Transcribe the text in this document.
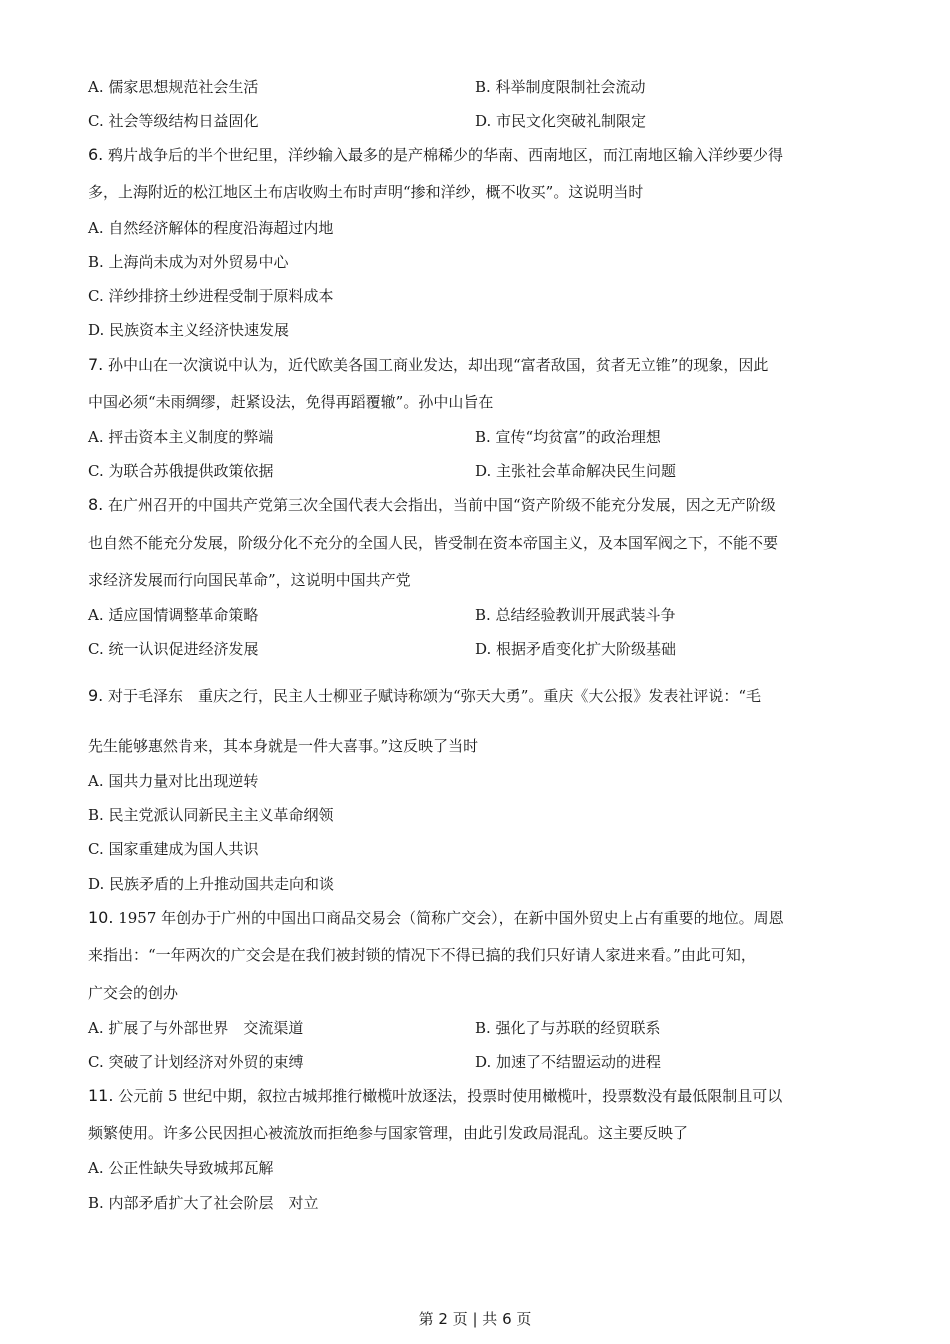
A. 儒家思想规范社会生活	B. 科举制度限制社会流动
C. 社会等级结构日益固化	D. 市民文化突破礼制限定
6. 鸦片战争后的半个世纪里，洋纱输入最多的是产棉稀少的华南、西南地区，而江南地区输入洋纱要少得
多，上海附近的松江地区土布店收购土布时声明“掺和洋纱，概不收买”。这说明当时
A. 自然经济解体的程度沿海超过内地
B. 上海尚未成为对外贸易中心
C. 洋纱排挤土纱进程受制于原料成本
D. 民族资本主义经济快速发展
7. 孙中山在一次演说中认为，近代欧美各国工商业发达，却出现“富者敌国，贫者无立锥”的现象，因此
中国必须“未雨绸缪，赶紧设法，免得再蹈覆辙”。孙中山旨在
A. 抨击资本主义制度的弊端	B. 宣传“均贫富”的政治理想
C. 为联合苏俄提供政策依据	D. 主张社会革命解决民生问题
8. 在广州召开的中国共产党第三次全国代表大会指出，当前中国“资产阶级不能充分发展，因之无产阶级
也自然不能充分发展，阶级分化不充分的全国人民，皆受制在资本帝国主义，及本国军阀之下，不能不要
求经济发展而行向国民革命”，这说明中国共产党
A. 适应国情调整革命策略	B. 总结经验教训开展武装斗争
C. 统一认识促进经济发展	D. 根据矛盾变化扩大阶级基础
9. 对于毛泽东　重庆之行，民主人士柳亚子赋诗称颂为“弥天大勇”。重庆《大公报》发表社评说：“毛
先生能够惠然肯来，其本身就是一件大喜事。”这反映了当时
A. 国共力量对比出现逆转
B. 民主党派认同新民主主义革命纲领
C. 国家重建成为国人共识
D. 民族矛盾的上升推动国共走向和谈
10. 1957 年创办于广州的中国出口商品交易会（简称广交会），在新中国外贸史上占有重要的地位。周恩
来指出：“一年两次的广交会是在我们被封锁的情况下不得已搞的我们只好请人家进来看。”由此可知，
广交会的创办
A. 扩展了与外部世界　交流渠道	B. 强化了与苏联的经贸联系
C. 突破了计划经济对外贸的束缚	D. 加速了不结盟运动的进程
11. 公元前 5 世纪中期，叙拉古城邦推行橄榄叶放逐法，投票时使用橄榄叶，投票数没有最低限制且可以
频繁使用。许多公民因担心被流放而拒绝参与国家管理，由此引发政局混乱。这主要反映了
A. 公正性缺失导致城邦瓦解
B. 内部矛盾扩大了社会阶层　对立
第 2 页 | 共 6 页
